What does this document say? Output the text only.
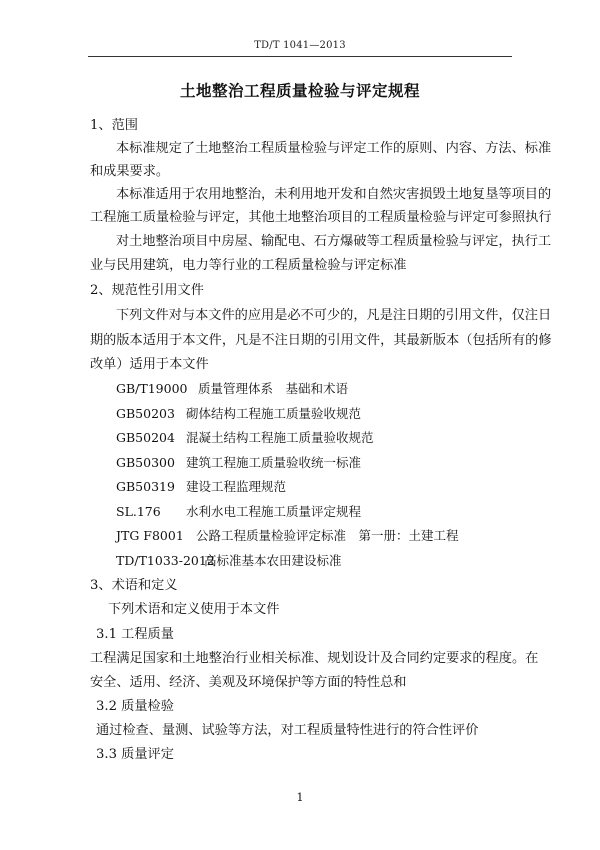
TD/T 1041—2013
土地整治工程质量检验与评定规程
1、范围
本标准规定了土地整治工程质量检验与评定工作的原则、内容、方法、标准
和成果要求。
本标准适用于农用地整治，未利用地开发和自然灾害损毁土地复垦等项目的
工程施工质量检验与评定，其他土地整治项目的工程质量检验与评定可参照执行
对土地整治项目中房屋、输配电、石方爆破等工程质量检验与评定，执行工
业与民用建筑，电力等行业的工程质量检验与评定标准
2、规范性引用文件
下列文件对与本文件的应用是必不可少的，凡是注日期的引用文件，仅注日
期的版本适用于本文件，凡是不注日期的引用文件，其最新版本（包括所有的修
改单）适用于本文件
GB/T19000 质量管理体系　基础和术语
GB50203 砌体结构工程施工质量验收规范
GB50204 混凝土结构工程施工质量验收规范
GB50300 建筑工程施工质量验收统一标准
GB50319 建设工程监理规范
SL.176 水利水电工程施工质量评定规程
JTG F8001 公路工程质量检验评定标准　第一册：土建工程
TD/T1033-2012
高标准基本农田建设标准
3、术语和定义
下列术语和定义使用于本文件
3.1 工程质量
工程满足国家和土地整治行业相关标准、规划设计及合同约定要求的程度。在
安全、适用、经济、美观及环境保护等方面的特性总和
3.2 质量检验
通过检查、量测、试验等方法，对工程质量特性进行的符合性评价
3.3 质量评定
1
